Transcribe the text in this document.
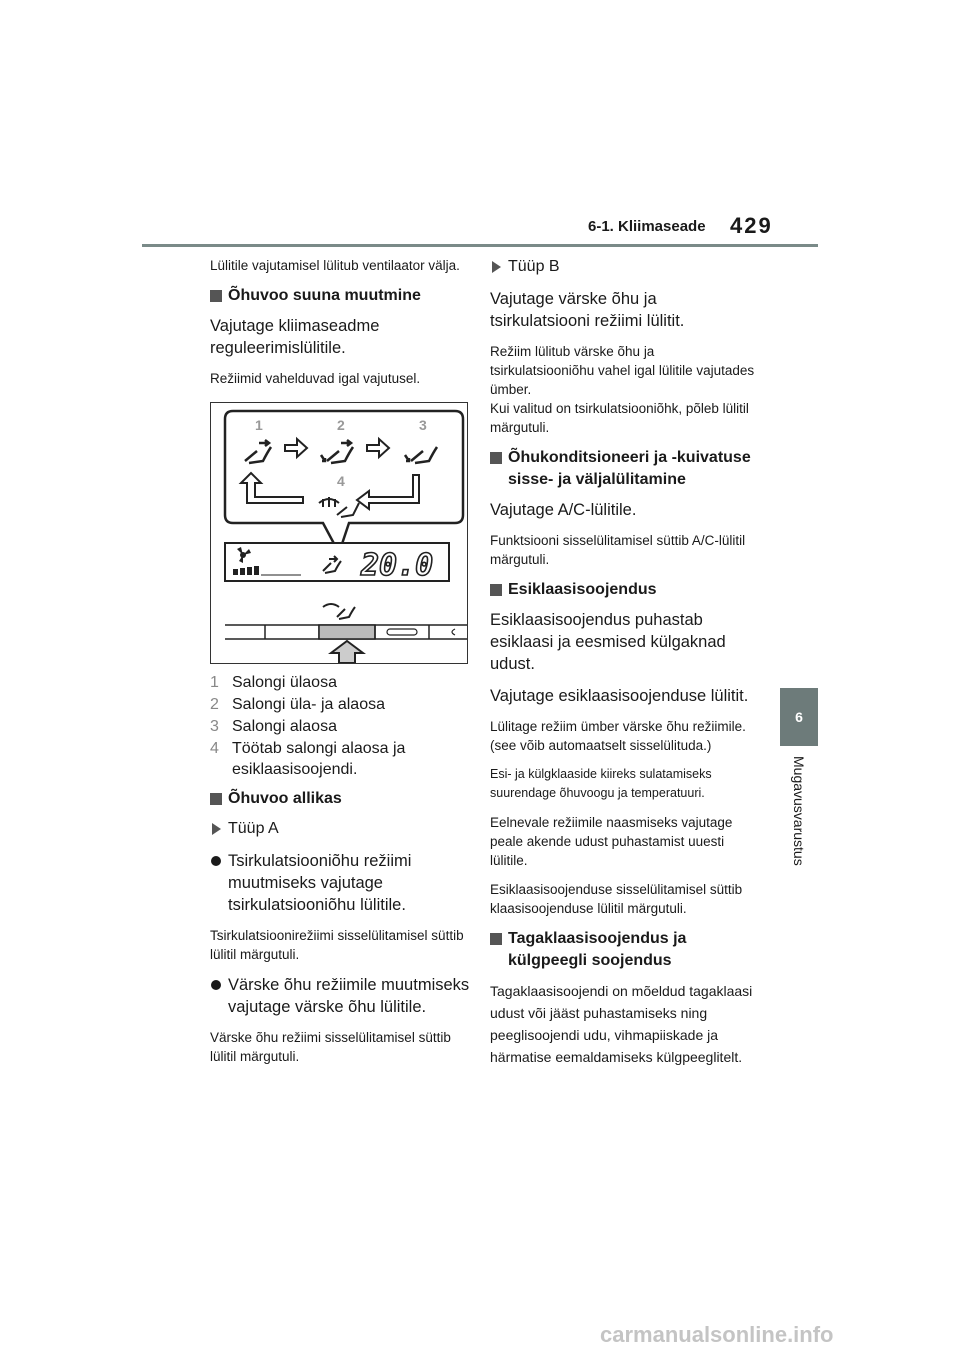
6-1. Kliimaseade 429
6
Mugavusvarustus

Lülitile vajutamisel lülitub ventilaator välja.

Õhuvoo suuna muutmine

Vajutage kliimaseadme reguleerimislülitile.

Režiimid vahelduvad igal vajutusel.

1	2	3
4
20.0
1 Salongi ülaosa
2 Salongi üla- ja alaosa
3 Salongi alaosa
4 Töötab salongi alaosa ja esiklaasisoojendi.

Õhuvoo allikas

Tüüp A

Tsirkulatsiooniõhu režiimi muutmiseks vajutage tsirkulatsiooniõhu lülitile.

Tsirkulatsioonirežiimi sisselülitamisel süttib lülitil märgutuli.

Värske õhu režiimile muutmiseks vajutage värske õhu lülitile.

Värske õhu režiimi sisselülitamisel süttib lülitil märgutuli.

Tüüp B

Vajutage värske õhu ja tsirkulatsiooni režiimi lülitit.

Režiim lülitub värske õhu ja tsirkulatsiooniõhu vahel igal lülitile vajutades ümber.

Kui valitud on tsirkulatsiooniõhk, põleb lülitil märgutuli.

Õhukonditsioneeri ja -kuivatuse sisse- ja väljalülitamine

Vajutage A/C-lülitile.

Funktsiooni sisselülitamisel süttib A/C-lülitil märgutuli.

Esiklaasisoojendus

Esiklaasisoojendus puhastab esiklaasi ja eesmised külgaknad udust.

Vajutage esiklaasisoojenduse lülitit.

Lülitage režiim ümber värske õhu režiimile. (see võib automaatselt sisselülituda.)

Esi- ja külgklaaside kiireks sulatamiseks suurendage õhuvoogu ja temperatuuri.

Eelnevale režiimile naasmiseks vajutage peale akende udust puhastamist uuesti lülitile.

Esiklaasisoojenduse sisselülitamisel süttib klaasisoojenduse lülitil märgutuli.

Tagaklaasisoojendus ja külgpeegli soojendus

Tagaklaasisoojendi on mõeldud tagaklaasi udust või jääst puhastamiseks ning peeglisoojendi udu, vihmapiiskade ja härmatise eemaldamiseks külgpeeglitelt.

carmanualsonline.info
